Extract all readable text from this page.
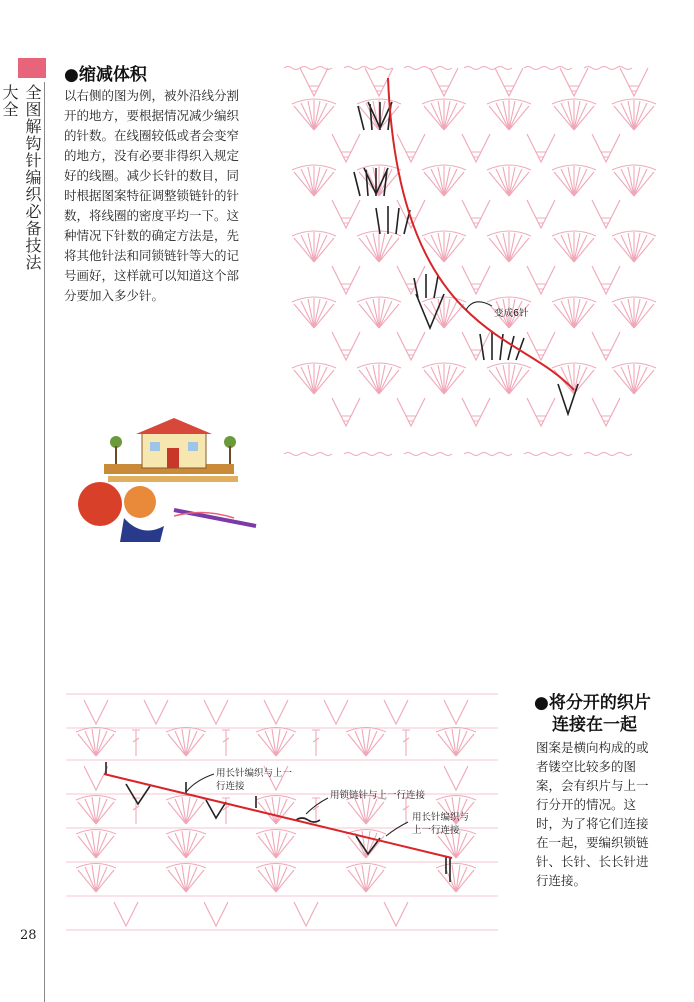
全图解钩针编织必备技法大全
●缩减体积
以右侧的图为例，被外沿线分割
开的地方，要根据情况减少编织
的针数。在线圈较低或者会变窄
的地方，没有必要非得织入规定
好的线圈。减少长针的数目，同
时根据图案特征调整锁链针的针
数，将线圈的密度平均一下。这
种情况下针数的确定方法是，先
将其他针法和同锁链针等大的记
号画好，这样就可以知道这个部
分要加入多少针。
变成6针
用长针编织与上一
行连接
用锁链针与上一行连接
用长针编织与
上一行连接
●将分开的织片
连接在一起
图案是横向构成的或
者镂空比较多的图
案，会有织片与上一
行分开的情况。这
时，为了将它们连接
在一起，要编织锁链
针、长针、长长针进
行连接。
28
